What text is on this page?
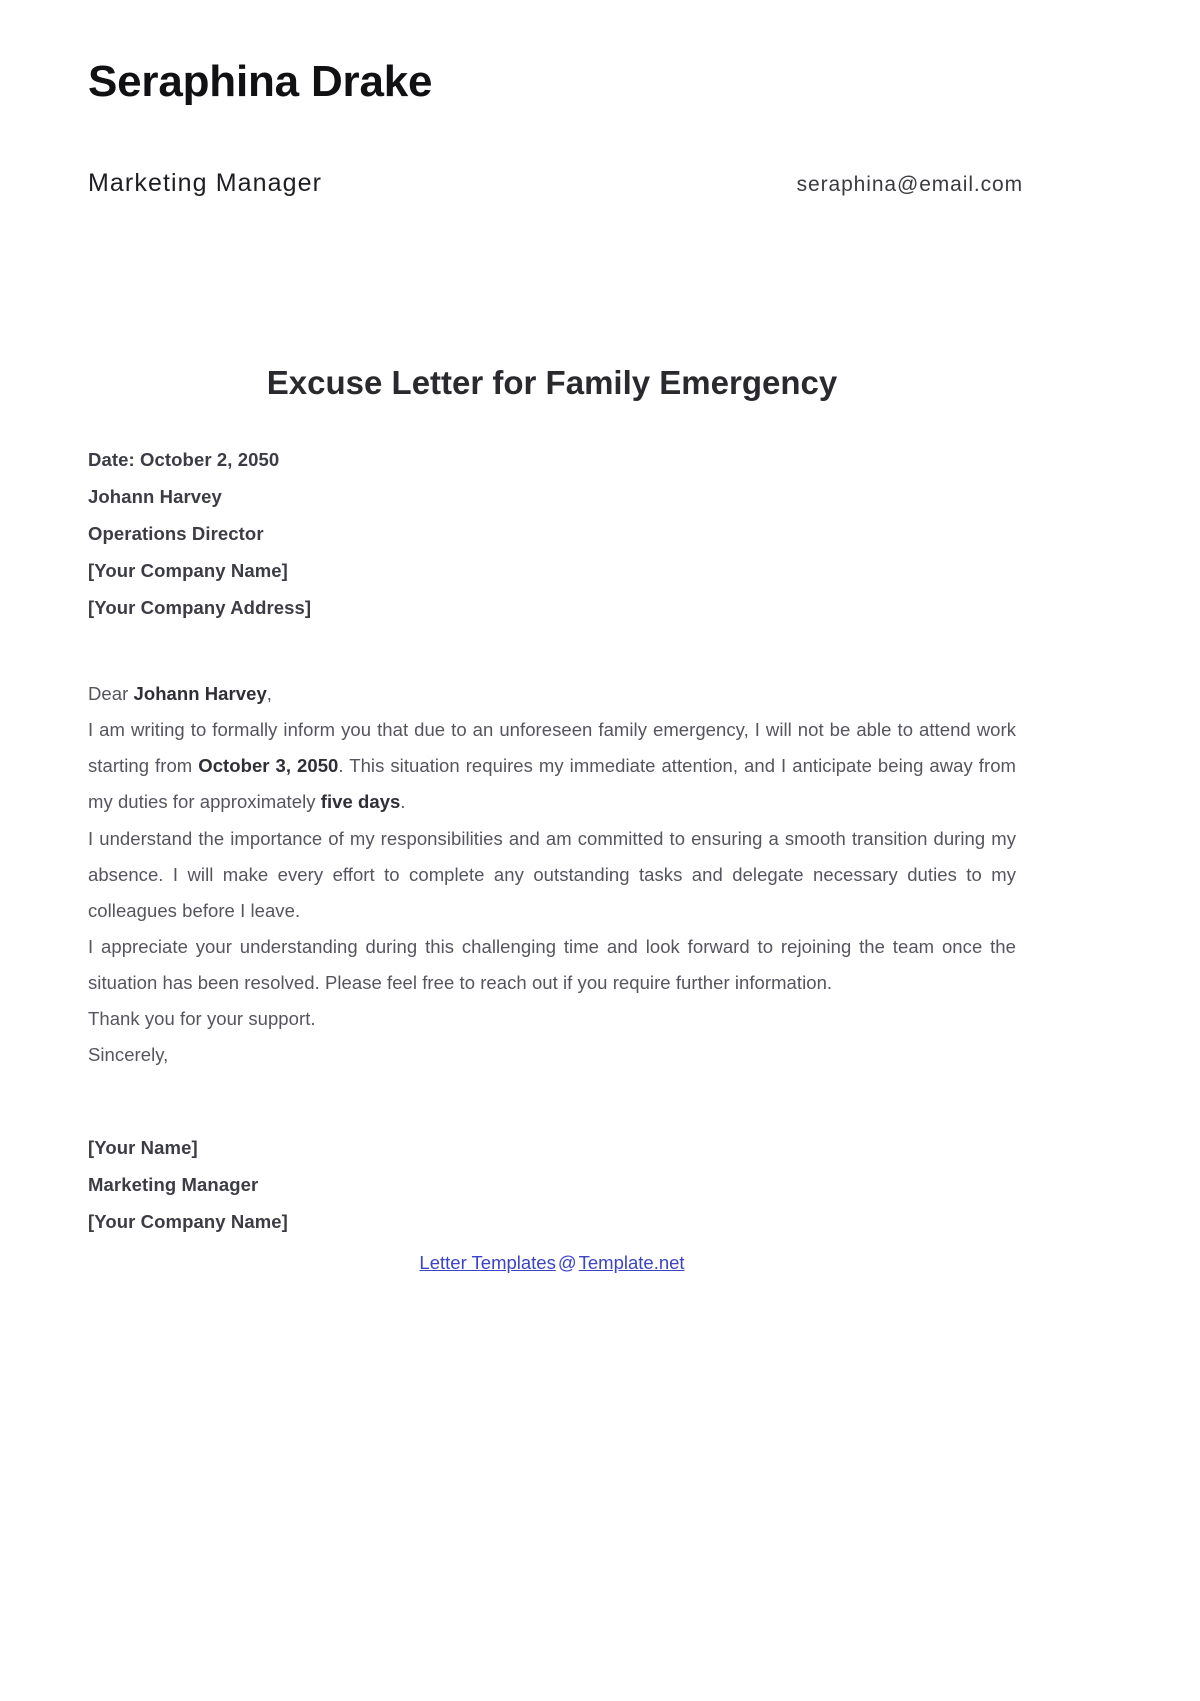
Seraphina Drake
Marketing Manager	seraphina@email.com
Excuse Letter for Family Emergency
Date: October 2, 2050
Johann Harvey
Operations Director
[Your Company Name]
[Your Company Address]

Dear Johann Harvey,

I am writing to formally inform you that due to an unforeseen family emergency, I will not be able to attend work starting from October 3, 2050. This situation requires my immediate attention, and I anticipate being away from my duties for approximately five days.

I understand the importance of my responsibilities and am committed to ensuring a smooth transition during my absence. I will make every effort to complete any outstanding tasks and delegate necessary duties to my colleagues before I leave.

I appreciate your understanding during this challenging time and look forward to rejoining the team once the situation has been resolved. Please feel free to reach out if you require further information.

Thank you for your support.

Sincerely,

[Your Name]
Marketing Manager
[Your Company Name]
Letter Templates @ Template.net
